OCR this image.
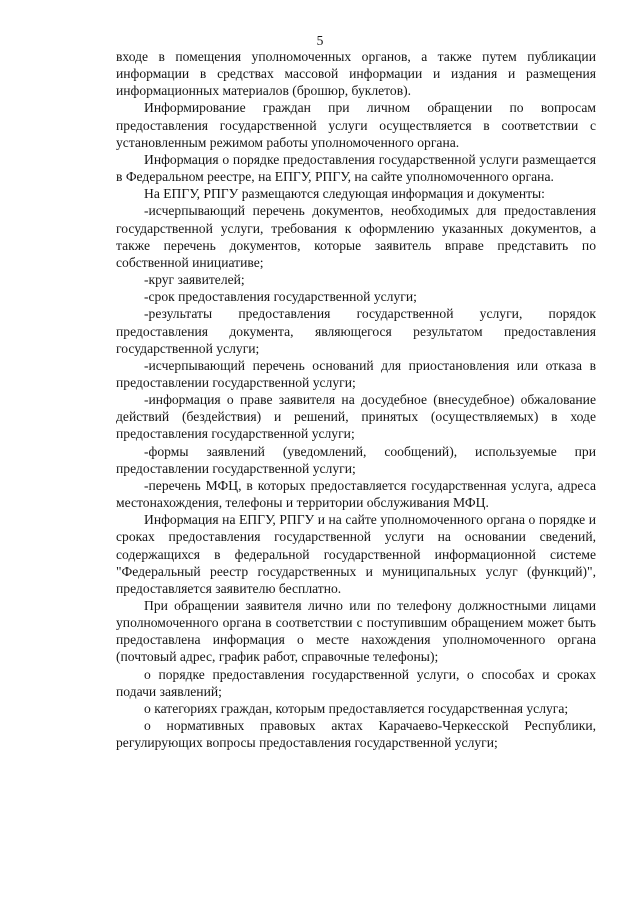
5

входе в помещения уполномоченных органов, а также путем публикации информации в средствах массовой информации и издания и размещения информационных материалов (брошюр, буклетов).

Информирование граждан при личном обращении по вопросам предоставления государственной услуги осуществляется в соответствии с установленным режимом работы уполномоченного органа.

Информация о порядке предоставления государственной услуги размещается в Федеральном реестре, на ЕПГУ, РПГУ, на сайте уполномоченного органа.

На ЕПГУ, РПГУ размещаются следующая информация и документы:

-исчерпывающий перечень документов, необходимых для предоставления государственной услуги, требования к оформлению указанных документов, а также перечень документов, которые заявитель вправе представить по собственной инициативе;

-круг заявителей;

-срок предоставления государственной услуги;

-результаты предоставления государственной услуги, порядок предоставления документа, являющегося результатом предоставления государственной услуги;

-исчерпывающий перечень оснований для приостановления или отказа в предоставлении государственной услуги;

-информация о праве заявителя на досудебное (внесудебное) обжалование действий (бездействия) и решений, принятых (осуществляемых) в ходе предоставления государственной услуги;

-формы заявлений (уведомлений, сообщений), используемые при предоставлении государственной услуги;

-перечень МФЦ, в которых предоставляется государственная услуга, адреса местонахождения, телефоны и территории обслуживания МФЦ.

Информация на ЕПГУ, РПГУ и на сайте уполномоченного органа о порядке и сроках предоставления государственной услуги на основании сведений, содержащихся в федеральной государственной информационной системе "Федеральный реестр государственных и муниципальных услуг (функций)", предоставляется заявителю бесплатно.

При обращении заявителя лично или по телефону должностными лицами уполномоченного органа в соответствии с поступившим обращением может быть предоставлена информация о месте нахождения уполномоченного органа (почтовый адрес, график работ, справочные телефоны);

о порядке предоставления государственной услуги, о способах и сроках подачи заявлений;

о категориях граждан, которым предоставляется государственная услуга;

о нормативных правовых актах Карачаево-Черкесской Республики, регулирующих вопросы предоставления государственной услуги;
